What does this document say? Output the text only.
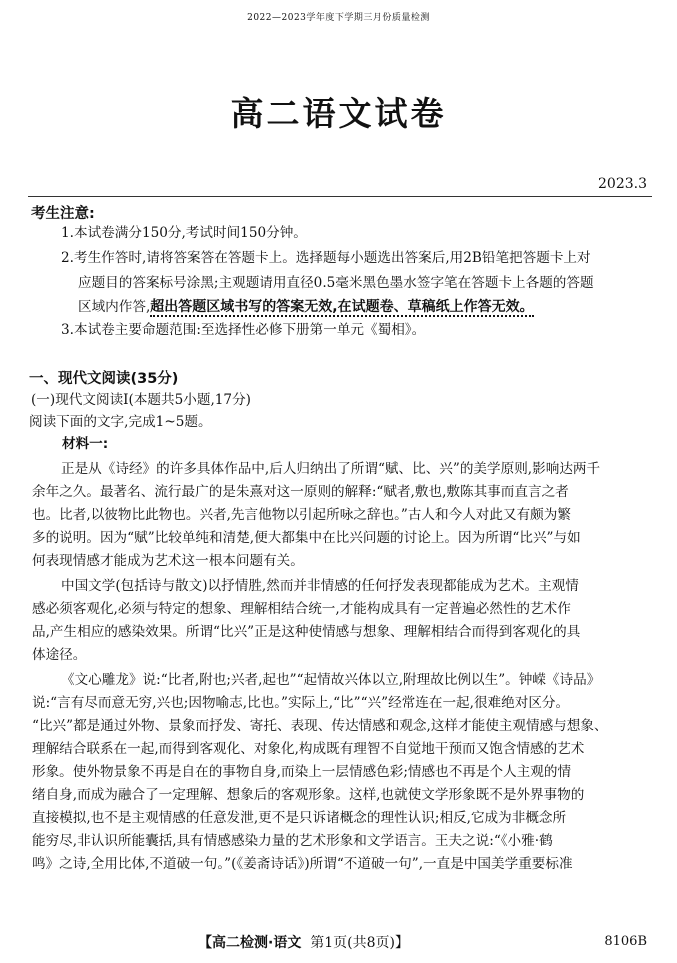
2022—2023学年度下学期三月份质量检测
高二语文试卷
2023.3
考生注意:
1.本试卷满分150分,考试时间150分钟。
2.考生作答时,请将答案答在答题卡上。选择题每小题选出答案后,用2B铅笔把答题卡上对
应题目的答案标号涂黑;主观题请用直径0.5毫米黑色墨水签字笔在答题卡上各题的答题
区域内作答,超出答题区域书写的答案无效,在试题卷、草稿纸上作答无效。
3.本试卷主要命题范围:至选择性必修下册第一单元《蜀相》。
一、现代文阅读(35分)
(一)现代文阅读Ⅰ(本题共5小题,17分)
阅读下面的文字,完成1~5题。
材料一:
正是从《诗经》的许多具体作品中,后人归纳出了所谓“赋、比、兴”的美学原则,影响达两千
余年之久。最著名、流行最广的是朱熹对这一原则的解释:“赋者,敷也,敷陈其事而直言之者
也。比者,以彼物比此物也。兴者,先言他物以引起所咏之辞也。”古人和今人对此又有颇为繁
多的说明。因为“赋”比较单纯和清楚,便大都集中在比兴问题的讨论上。因为所谓“比兴”与如
何表现情感才能成为艺术这一根本问题有关。
中国文学(包括诗与散文)以抒情胜,然而并非情感的任何抒发表现都能成为艺术。主观情
感必须客观化,必须与特定的想象、理解相结合统一,才能构成具有一定普遍必然性的艺术作
品,产生相应的感染效果。所谓“比兴”正是这种使情感与想象、理解相结合而得到客观化的具
体途径。
《文心雕龙》说:“比者,附也;兴者,起也”“起情故兴体以立,附理故比例以生”。钟嵘《诗品》
说:“言有尽而意无穷,兴也;因物喻志,比也。”实际上,“比”“兴”经常连在一起,很难绝对区分。
“比兴”都是通过外物、景象而抒发、寄托、表现、传达情感和观念,这样才能使主观情感与想象、
理解结合联系在一起,而得到客观化、对象化,构成既有理智不自觉地干预而又饱含情感的艺术
形象。使外物景象不再是自在的事物自身,而染上一层情感色彩;情感也不再是个人主观的情
绪自身,而成为融合了一定理解、想象后的客观形象。这样,也就使文学形象既不是外界事物的
直接模拟,也不是主观情感的任意发泄,更不是只诉诸概念的理性认识;相反,它成为非概念所
能穷尽,非认识所能囊括,具有情感感染力量的艺术形象和文学语言。王夫之说:“《小雅·鹤
鸣》之诗,全用比体,不道破一句。”(《姜斋诗话》)所谓“不道破一句”,一直是中国美学重要标准
【高二检测·语文 第1页(共8页)】	8106B
